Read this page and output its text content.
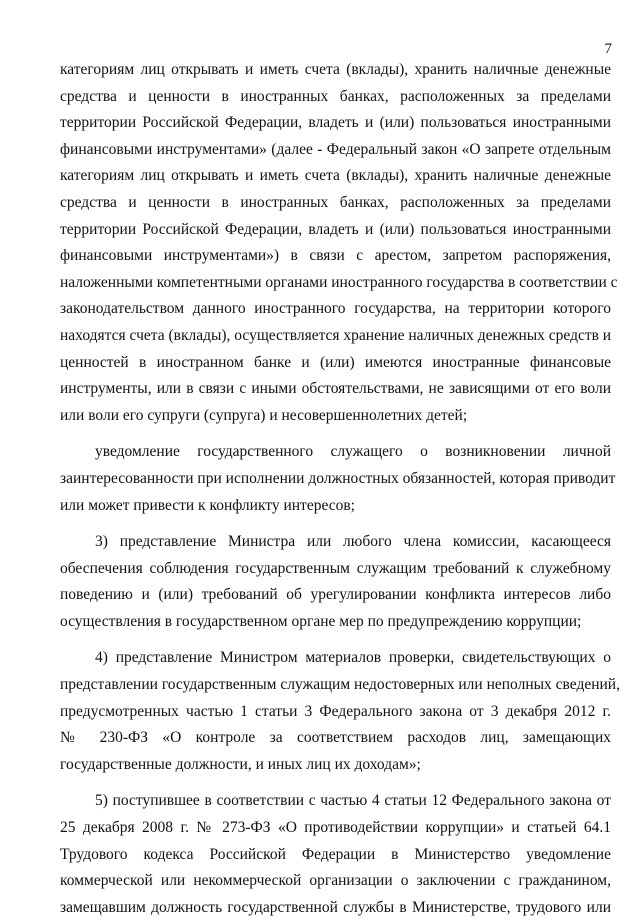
7
категориям лиц открывать и иметь счета (вклады), хранить наличные денежные
средства и ценности в иностранных банках, расположенных за пределами
территории Российской Федерации, владеть и (или) пользоваться иностранными
финансовыми инструментами» (далее - Федеральный закон «О запрете отдельным
категориям лиц открывать и иметь счета (вклады), хранить наличные денежные
средства и ценности в иностранных банках, расположенных за пределами
территории Российской Федерации, владеть и (или) пользоваться иностранными
финансовыми инструментами») в связи с арестом, запретом распоряжения,
наложенными компетентными органами иностранного государства в соответствии с
законодательством данного иностранного государства, на территории которого
находятся счета (вклады), осуществляется хранение наличных денежных средств и
ценностей в иностранном банке и (или) имеются иностранные финансовые
инструменты, или в связи с иными обстоятельствами, не зависящими от его воли
или воли его супруги (супруга) и несовершеннолетних детей;
уведомление государственного служащего о возникновении личной
заинтересованности при исполнении должностных обязанностей, которая приводит
или может привести к конфликту интересов;
3) представление Министра или любого члена комиссии, касающееся
обеспечения соблюдения государственным служащим требований к служебному
поведению и (или) требований об урегулировании конфликта интересов либо
осуществления в государственном органе мер по предупреждению коррупции;
4) представление Министром материалов проверки, свидетельствующих о
представлении государственным служащим недостоверных или неполных сведений,
предусмотренных частью 1 статьи 3 Федерального закона от 3 декабря 2012 г.
№ 230-ФЗ «О контроле за соответствием расходов лиц, замещающих
государственные должности, и иных лиц их доходам»;
5) поступившее в соответствии с частью 4 статьи 12 Федерального закона от
25 декабря 2008 г. № 273-ФЗ «О противодействии коррупции» и статьей 64.1
Трудового кодекса Российской Федерации в Министерство уведомление
коммерческой или некоммерческой организации о заключении с гражданином,
замещавшим должность государственной службы в Министерстве, трудового или
